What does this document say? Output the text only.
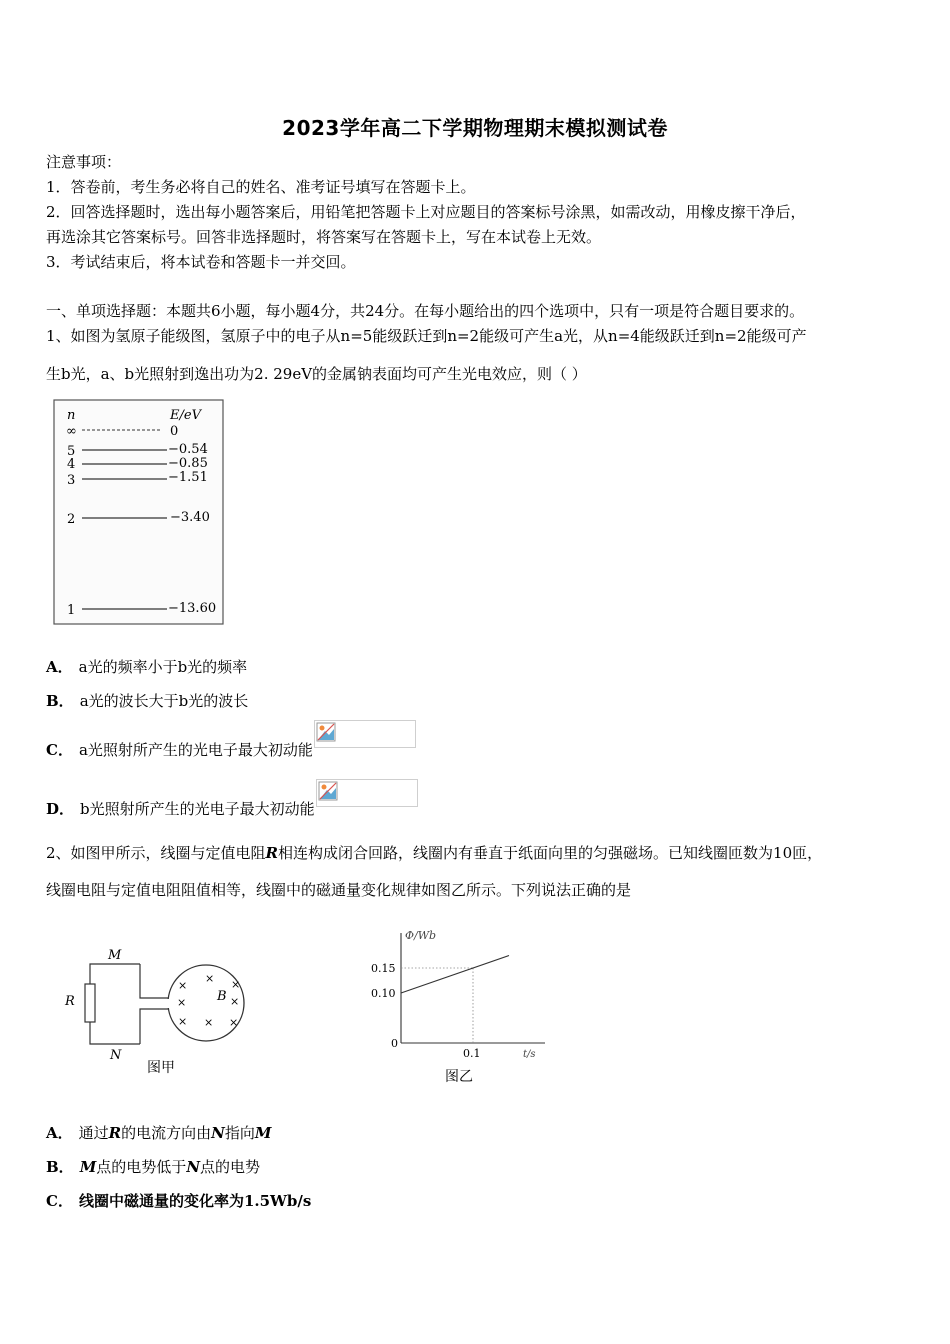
2023学年高二下学期物理期末模拟测试卷
注意事项：
1．答卷前，考生务必将自己的姓名、准考证号填写在答题卡上。
2．回答选择题时，选出每小题答案后，用铅笔把答题卡上对应题目的答案标号涂黑，如需改动，用橡皮擦干净后，
再选涂其它答案标号。回答非选择题时，将答案写在答题卡上，写在本试卷上无效。
3．考试结束后，将本试卷和答题卡一并交回。
一、单项选择题：本题共6小题，每小题4分，共24分。在每小题给出的四个选项中，只有一项是符合题目要求的。
1、如图为氢原子能级图，氢原子中的电子从n=5能级跃迁到n=2能级可产生a光，从n=4能级跃迁到n=2能级可产
生b光，a、b光照射到逸出功为2. 29eV的金属钠表面均可产生光电效应，则（ ）
n	E/eV
∞	0
5	−0.54
4	−0.85
3	−1.51
2	−3.40
1	−13.60
A． a光的频率小于b光的频率
B． a光的波长大于b光的波长
C． a光照射所产生的光电子最大初动能
D． b光照射所产生的光电子最大初动能
2、如图甲所示，线圈与定值电阻R相连构成闭合回路，线圈内有垂直于纸面向里的匀强磁场。已知线圈匝数为10匝，
线圈电阻与定值电阻阻值相等，线圈中的磁通量变化规律如图乙所示。下列说法正确的是
M
N
R
×
× ×
× B ×
× × ×
图甲
Φ/Wb
t/s
0
0.15
0.10
0.1
图乙
A． 通过R的电流方向由N指向M
B． M点的电势低于N点的电势
C． 线圈中磁通量的变化率为1.5Wb/s
